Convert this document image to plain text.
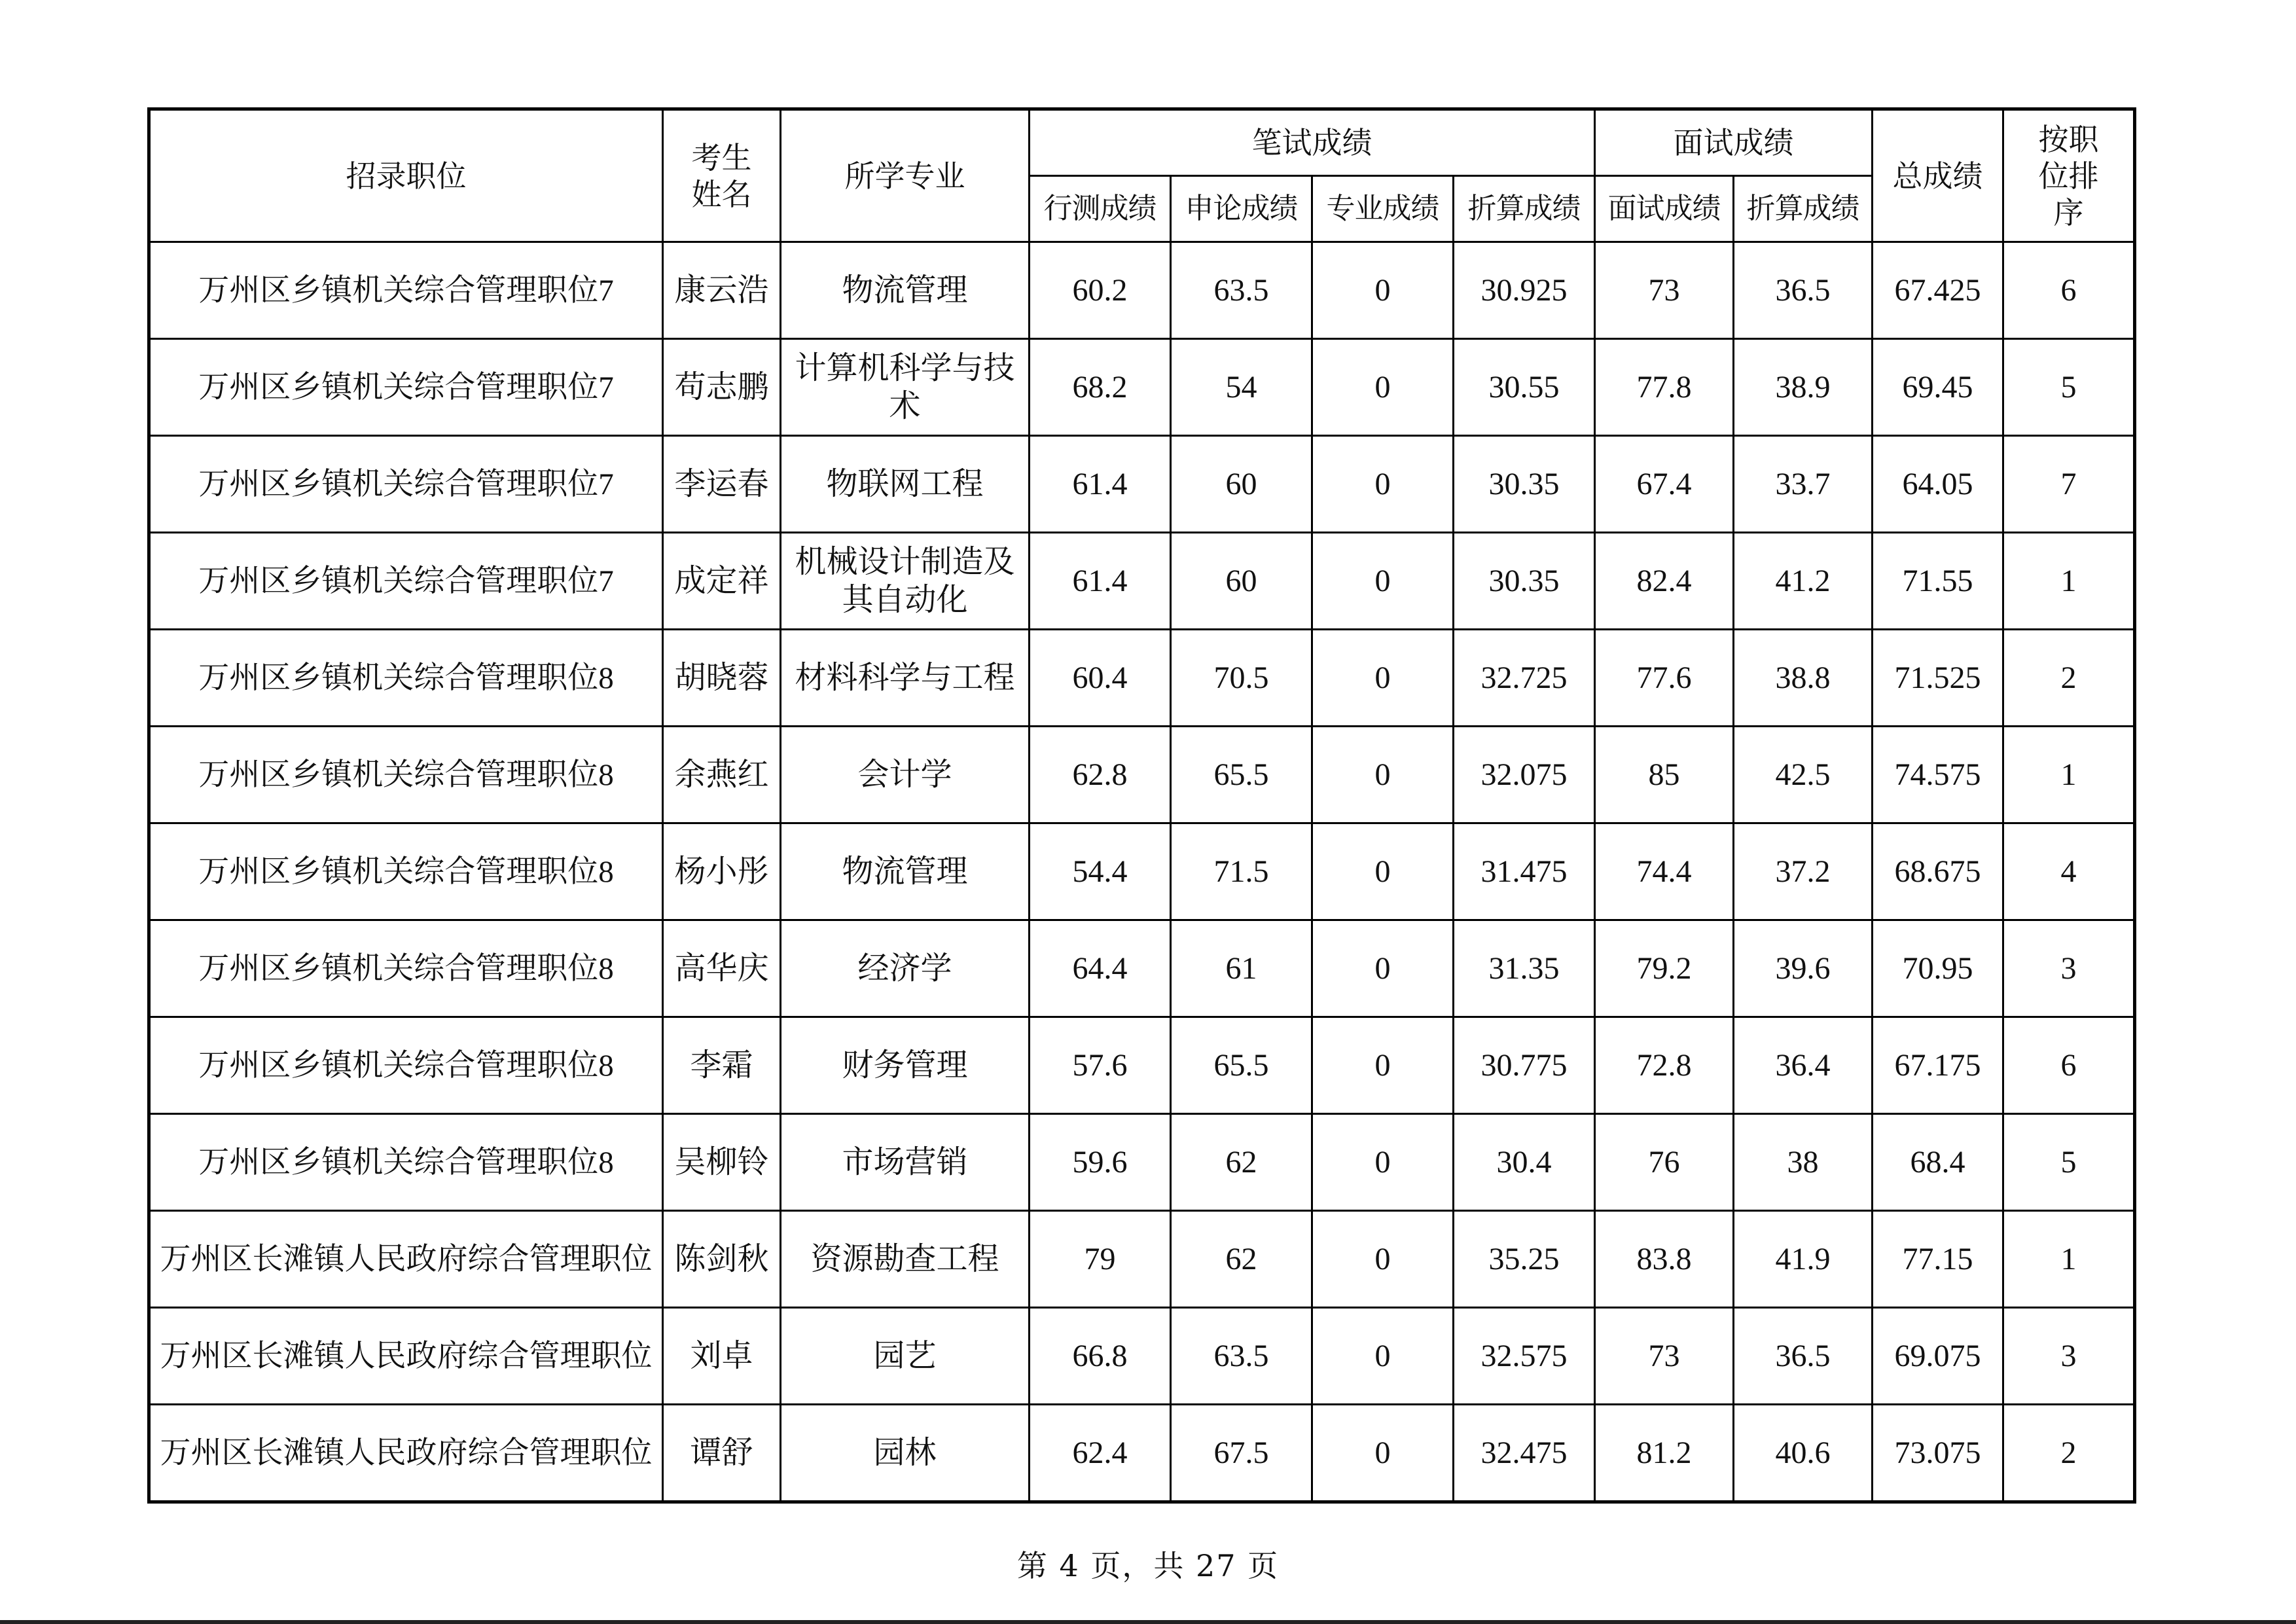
招录职位	考生姓名	所学专业	笔试成绩				面试成绩		总成绩	按职位排序
			行测成绩	申论成绩	专业成绩	折算成绩	面试成绩	折算成绩		
万州区乡镇机关综合管理职位7	康云浩	物流管理	60.2	63.5	0	30.925	73	36.5	67.425	6
万州区乡镇机关综合管理职位7	苟志鹏	计算机科学与技术	68.2	54	0	30.55	77.8	38.9	69.45	5
万州区乡镇机关综合管理职位7	李运春	物联网工程	61.4	60	0	30.35	67.4	33.7	64.05	7
万州区乡镇机关综合管理职位7	成定祥	机械设计制造及其自动化	61.4	60	0	30.35	82.4	41.2	71.55	1
万州区乡镇机关综合管理职位8	胡晓蓉	材料科学与工程	60.4	70.5	0	32.725	77.6	38.8	71.525	2
万州区乡镇机关综合管理职位8	余燕红	会计学	62.8	65.5	0	32.075	85	42.5	74.575	1
万州区乡镇机关综合管理职位8	杨小彤	物流管理	54.4	71.5	0	31.475	74.4	37.2	68.675	4
万州区乡镇机关综合管理职位8	高华庆	经济学	64.4	61	0	31.35	79.2	39.6	70.95	3
万州区乡镇机关综合管理职位8	李霜	财务管理	57.6	65.5	0	30.775	72.8	36.4	67.175	6
万州区乡镇机关综合管理职位8	吴柳铃	市场营销	59.6	62	0	30.4	76	38	68.4	5
万州区长滩镇人民政府综合管理职位	陈剑秋	资源勘查工程	79	62	0	35.25	83.8	41.9	77.15	1
万州区长滩镇人民政府综合管理职位	刘卓	园艺	66.8	63.5	0	32.575	73	36.5	69.075	3
万州区长滩镇人民政府综合管理职位	谭舒	园林	62.4	67.5	0	32.475	81.2	40.6	73.075	2
第 4 页，共 27 页
